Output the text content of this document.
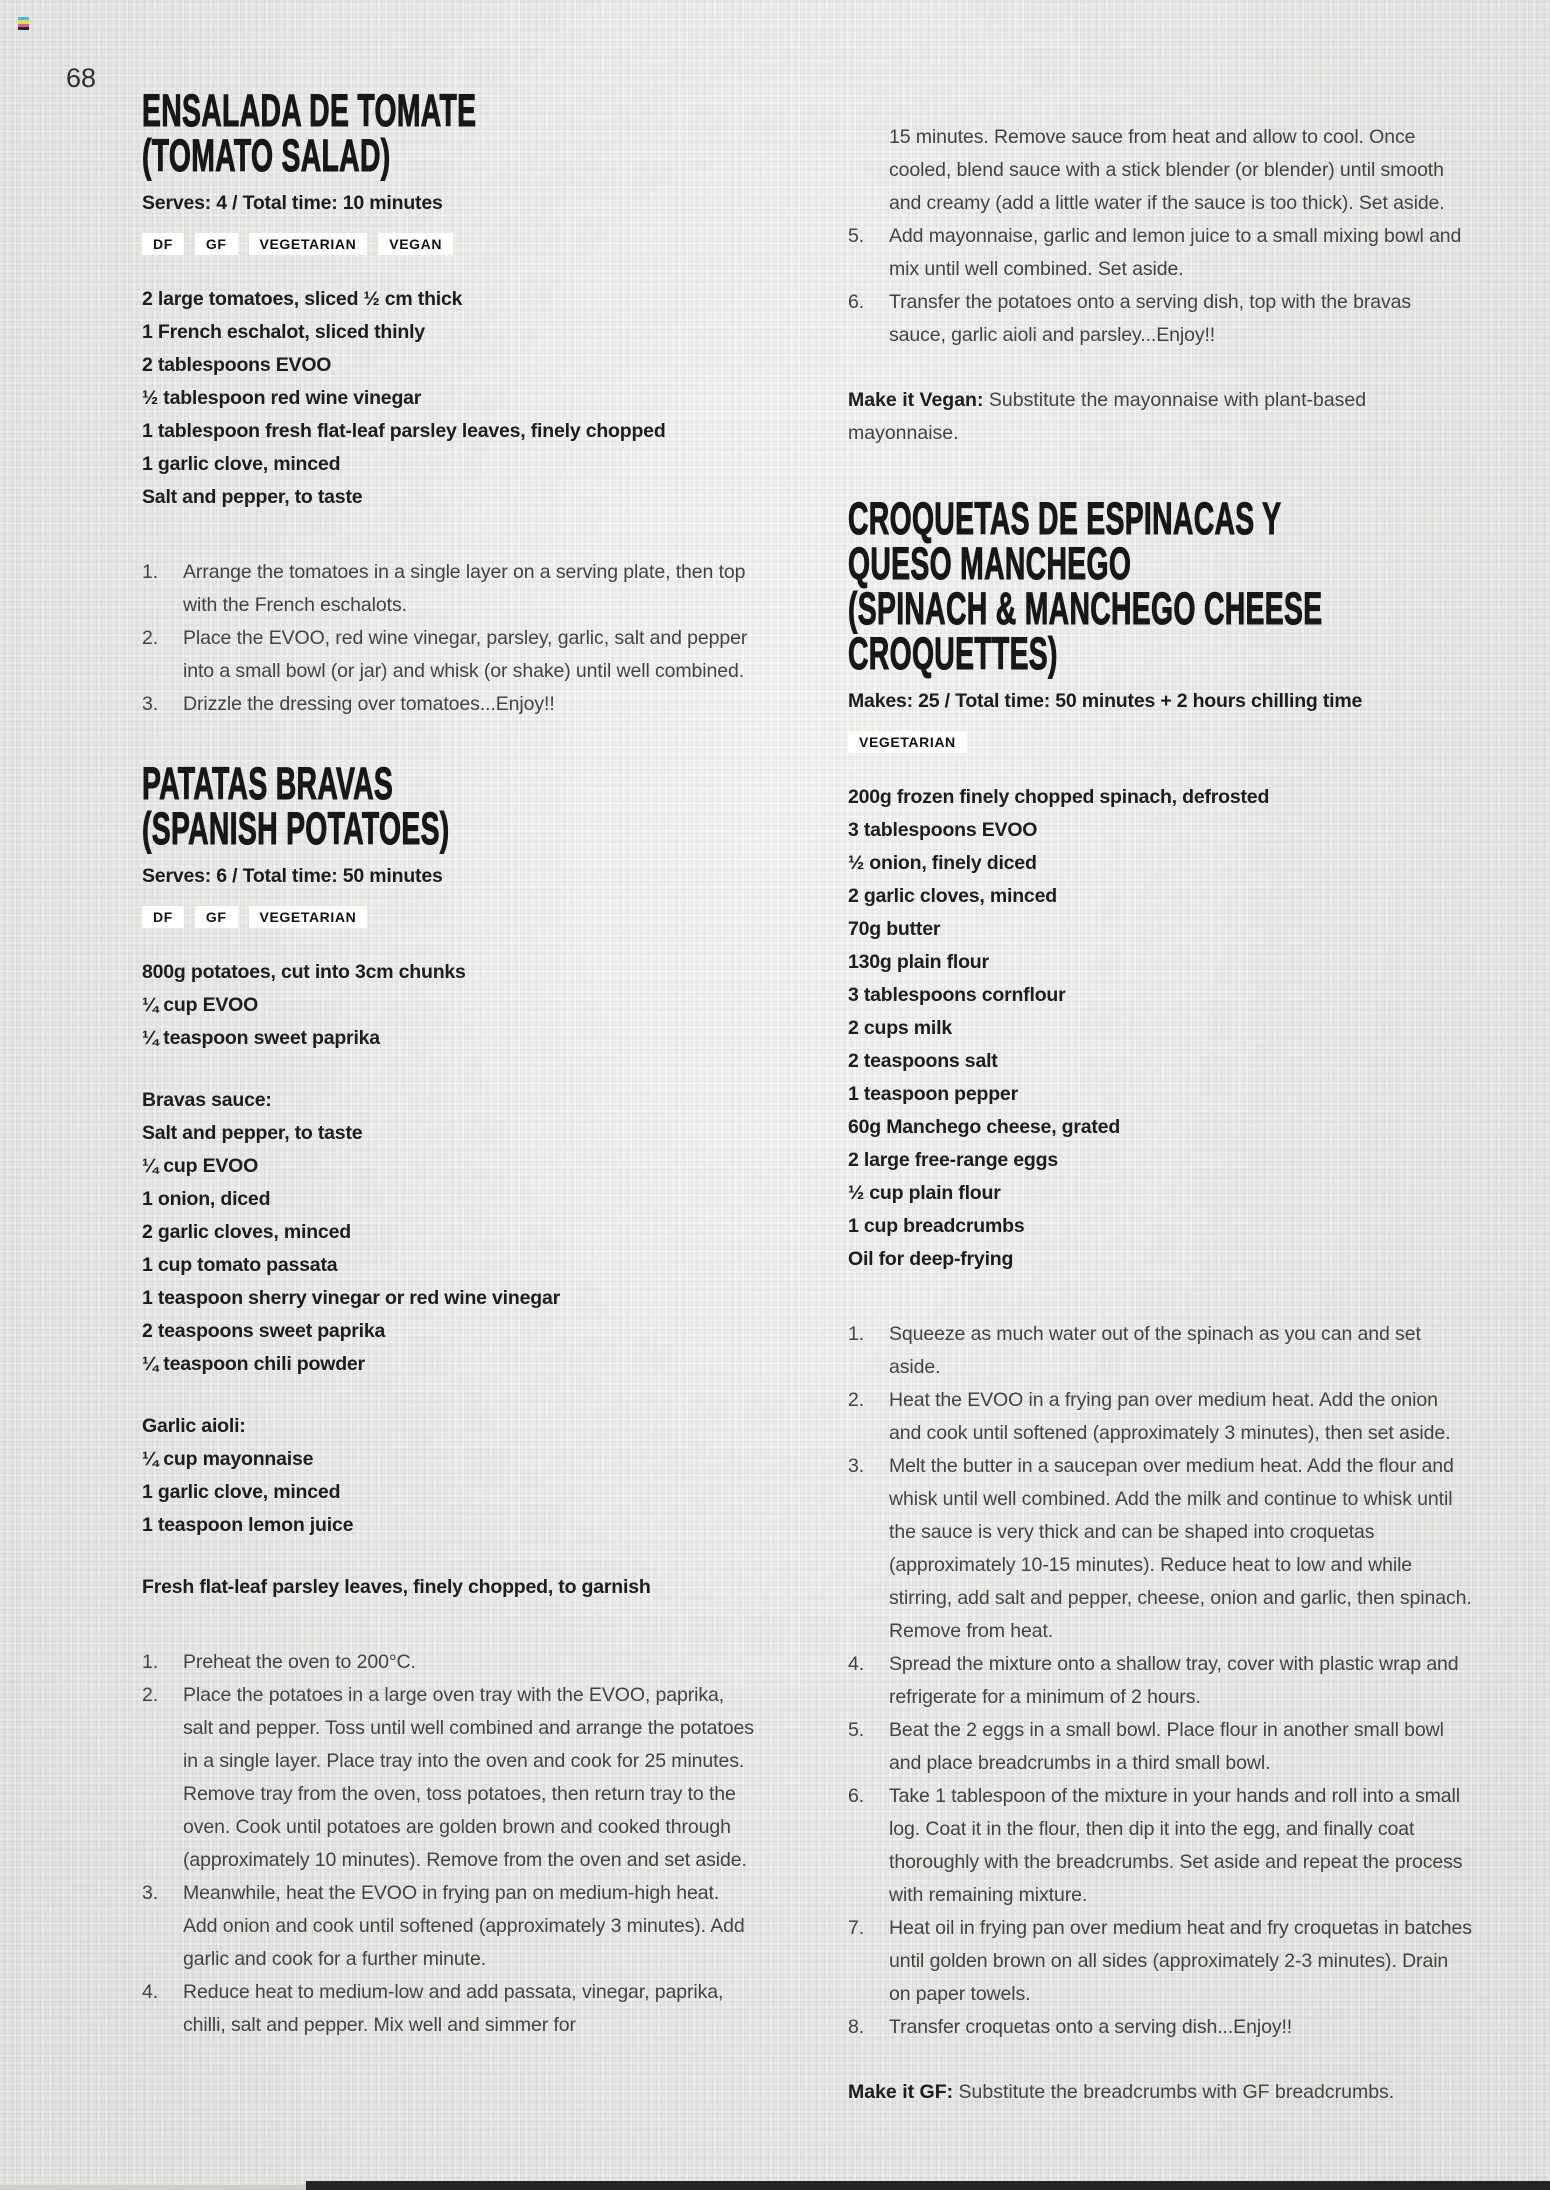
68
ENSALADA DE TOMATE
(TOMATO SALAD)

Serves: 4 / Total time: 10 minutes

DF	GF	VEGETARIAN	VEGAN
2 large tomatoes, sliced ½ cm thick
1 French eschalot, sliced thinly
2 tablespoons EVOO
½ tablespoon red wine vinegar
1 tablespoon fresh flat-leaf parsley leaves, finely chopped
1 garlic clove, minced
Salt and pepper, to taste
1.	Arrange the tomatoes in a single layer on a serving plate, then top with the French eschalots.
2.	Place the EVOO, red wine vinegar, parsley, garlic, salt and pepper into a small bowl (or jar) and whisk (or shake) until well combined.
3.	Drizzle the dressing over tomatoes...Enjoy!!
PATATAS BRAVAS
(SPANISH POTATOES)

Serves: 6 / Total time: 50 minutes

DF	GF	VEGETARIAN
800g potatoes, cut into 3cm chunks
¼ cup EVOO
¼ teaspoon sweet paprika
Bravas sauce:
Salt and pepper, to taste
¼ cup EVOO
1 onion, diced
2 garlic cloves, minced
1 cup tomato passata
1 teaspoon sherry vinegar or red wine vinegar
2 teaspoons sweet paprika
¼ teaspoon chili powder
Garlic aioli:
¼ cup mayonnaise
1 garlic clove, minced
1 teaspoon lemon juice
Fresh flat-leaf parsley leaves, finely chopped, to garnish
1.	Preheat the oven to 200°C.
2.	Place the potatoes in a large oven tray with the EVOO, paprika, salt and pepper. Toss until well combined and arrange the potatoes in a single layer. Place tray into the oven and cook for 25 minutes. Remove tray from the oven, toss potatoes, then return tray to the oven. Cook until potatoes are golden brown and cooked through (approximately 10 minutes). Remove from the oven and set aside.
3.	Meanwhile, heat the EVOO in frying pan on medium-high heat. Add onion and cook until softened (approximately 3 minutes). Add garlic and cook for a further minute.
4.	Reduce heat to medium-low and add passata, vinegar, paprika, chilli, salt and pepper. Mix well and simmer for
15 minutes. Remove sauce from heat and allow to cool. Once cooled, blend sauce with a stick blender (or blender) until smooth and creamy (add a little water if the sauce is too thick). Set aside.
5.	Add mayonnaise, garlic and lemon juice to a small mixing bowl and mix until well combined. Set aside.
6.	Transfer the potatoes onto a serving dish, top with the bravas sauce, garlic aioli and parsley...Enjoy!!

Make it Vegan: Substitute the mayonnaise with plant-based mayonnaise.

CROQUETAS DE ESPINACAS Y
QUESO MANCHEGO
(SPINACH & MANCHEGO CHEESE
CROQUETTES)

Makes: 25 / Total time: 50 minutes + 2 hours chilling time

VEGETARIAN
200g frozen finely chopped spinach, defrosted
3 tablespoons EVOO
½ onion, finely diced
2 garlic cloves, minced
70g butter
130g plain flour
3 tablespoons cornflour
2 cups milk
2 teaspoons salt
1 teaspoon pepper
60g Manchego cheese, grated
2 large free-range eggs
½ cup plain flour
1 cup breadcrumbs
Oil for deep-frying
1.	Squeeze as much water out of the spinach as you can and set aside.
2.	Heat the EVOO in a frying pan over medium heat. Add the onion and cook until softened (approximately 3 minutes), then set aside.
3.	Melt the butter in a saucepan over medium heat. Add the flour and whisk until well combined. Add the milk and continue to whisk until the sauce is very thick and can be shaped into croquetas (approximately 10-15 minutes). Reduce heat to low and while stirring, add salt and pepper, cheese, onion and garlic, then spinach. Remove from heat.
4.	Spread the mixture onto a shallow tray, cover with plastic wrap and refrigerate for a minimum of 2 hours.
5.	Beat the 2 eggs in a small bowl. Place flour in another small bowl and place breadcrumbs in a third small bowl.
6.	Take 1 tablespoon of the mixture in your hands and roll into a small log. Coat it in the flour, then dip it into the egg, and finally coat thoroughly with the breadcrumbs. Set aside and repeat the process with remaining mixture.
7.	Heat oil in frying pan over medium heat and fry croquetas in batches until golden brown on all sides (approximately 2-3 minutes). Drain on paper towels.
8.	Transfer croquetas onto a serving dish...Enjoy!!

Make it GF: Substitute the breadcrumbs with GF breadcrumbs.
